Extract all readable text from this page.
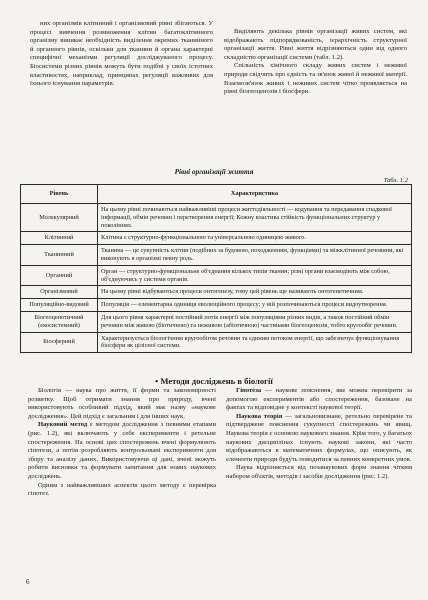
них організмів клітинний і організмовий рівні збігаються. У процесі вивчення розмноження клітин багатоклітинного організму виникає необхідність виділення окремих тканинного й органного рівнів, оскільки для тканини й органа характерні специфічні механізми регуляції досліджуваного процесу. Біосистеми різних рівнів можуть бути подібні у своїх істотних властивостях, наприклад, принципах регуляції важливих для їхнього існування параметрів.

Виділяють декілька рівнів організації живих систем, які відображають підпорядкованість, ієрархічність структурної організації життя. Рівні життя відрізняються один від одного складністю організації системи (табл. 1.2).

Спільність хімічного складу живих систем і неживої природи свідчить про єдність та зв'язок живої й неживої матерії. Взаємозв'язок живих і неживих систем чітко проявляється на рівні біогеоценозів і біосфери.

Рівні організації життя
Табл. 1.2
Рівень	Характеристика
Молекулярний	На цьому рівні починаються найважливіші процеси життєдіяльності — кодування та передавання спадкової інформації, обмін речовин і перетворення енергії; Кожну властива стійкість функціональних структур у поколіннях.
Клітинний	Клітина є структурно-функціональною та універсальною одиницею живого.
Тканинний	Тканина — це сукупність клітин (подібних за будовою, походженням, функціями) та міжклітинної речовини, які виконують в організмі певну роль.
Органний	Орган — структурно-функціональне об'єднання кількох типів тканин; різні органи взаємодіють між собою, об'єднуючись у системи органів.
Організмовий	На цьому рівні відбуваються процеси онтогенезу, тому цей рівень ще називають онтогенетичним.
Популяційно-видовий	Популяція — елементарна одиниця еволюційного процесу; у ній розпочинаються процеси видоутворення.
Біогеоценотичний (екосистемний)	Для цього рівня характерні постійний потік енергії між популяціями різних видів, а також постійний обмін речовин між живою (біотичною) та неживою (абіотичною) частинами біогеоценозів, тобто кругообіг речовин.
Біосферний	Характеризується біологічним кругообігом речовин та єдиним потоком енергії, що забезпечує функціонування біосфери як цілісної системи.
• Методи досліджень в біології

Біологія — наука про життя, її форми та закономірності розвитку. Щоб отримати знання про природу, вчені використовують особливий підхід, який має назву «наукове дослідження». Цей підхід є загальним і для інших наук.

Науковий метод є методом дослідження з певними етапами (рис. 1.2), які включають у себе експерименти і ретельне спостереження. На основі цих спостережень вчені формулюють гіпотези, а потім розробляють контрольовані експерименти для збору та аналізу даних. Використовуючи ці дані, вчені можуть робити висновки та формувати запитання для нових наукових досліджень.

Одним з найважливіших аспектів цього методу є перевірка гіпотез.

Гіпотеза — наукове пояснення, яке можна перевірити за допомогою експериментів або спостереження, базоване на фактах та відповідне у контексті наукової теорії.

Наукова теорія — загальновизнане, ретельно перевірене та підтверджене пояснення сукупності спостережень чи явищ. Наукова теорія є основою наукового знання. Крім того, у багатьох наукових дисциплінах існують наукові закони, які часто відображаються в математичних формулах, що описують, як елементи природи будуть поводитися за певних конкретних умов.

Наука відрізняється від позанаукових форм знання чітким набором об'єктів, методів і засобів дослідження (рис. 1.2).

6
